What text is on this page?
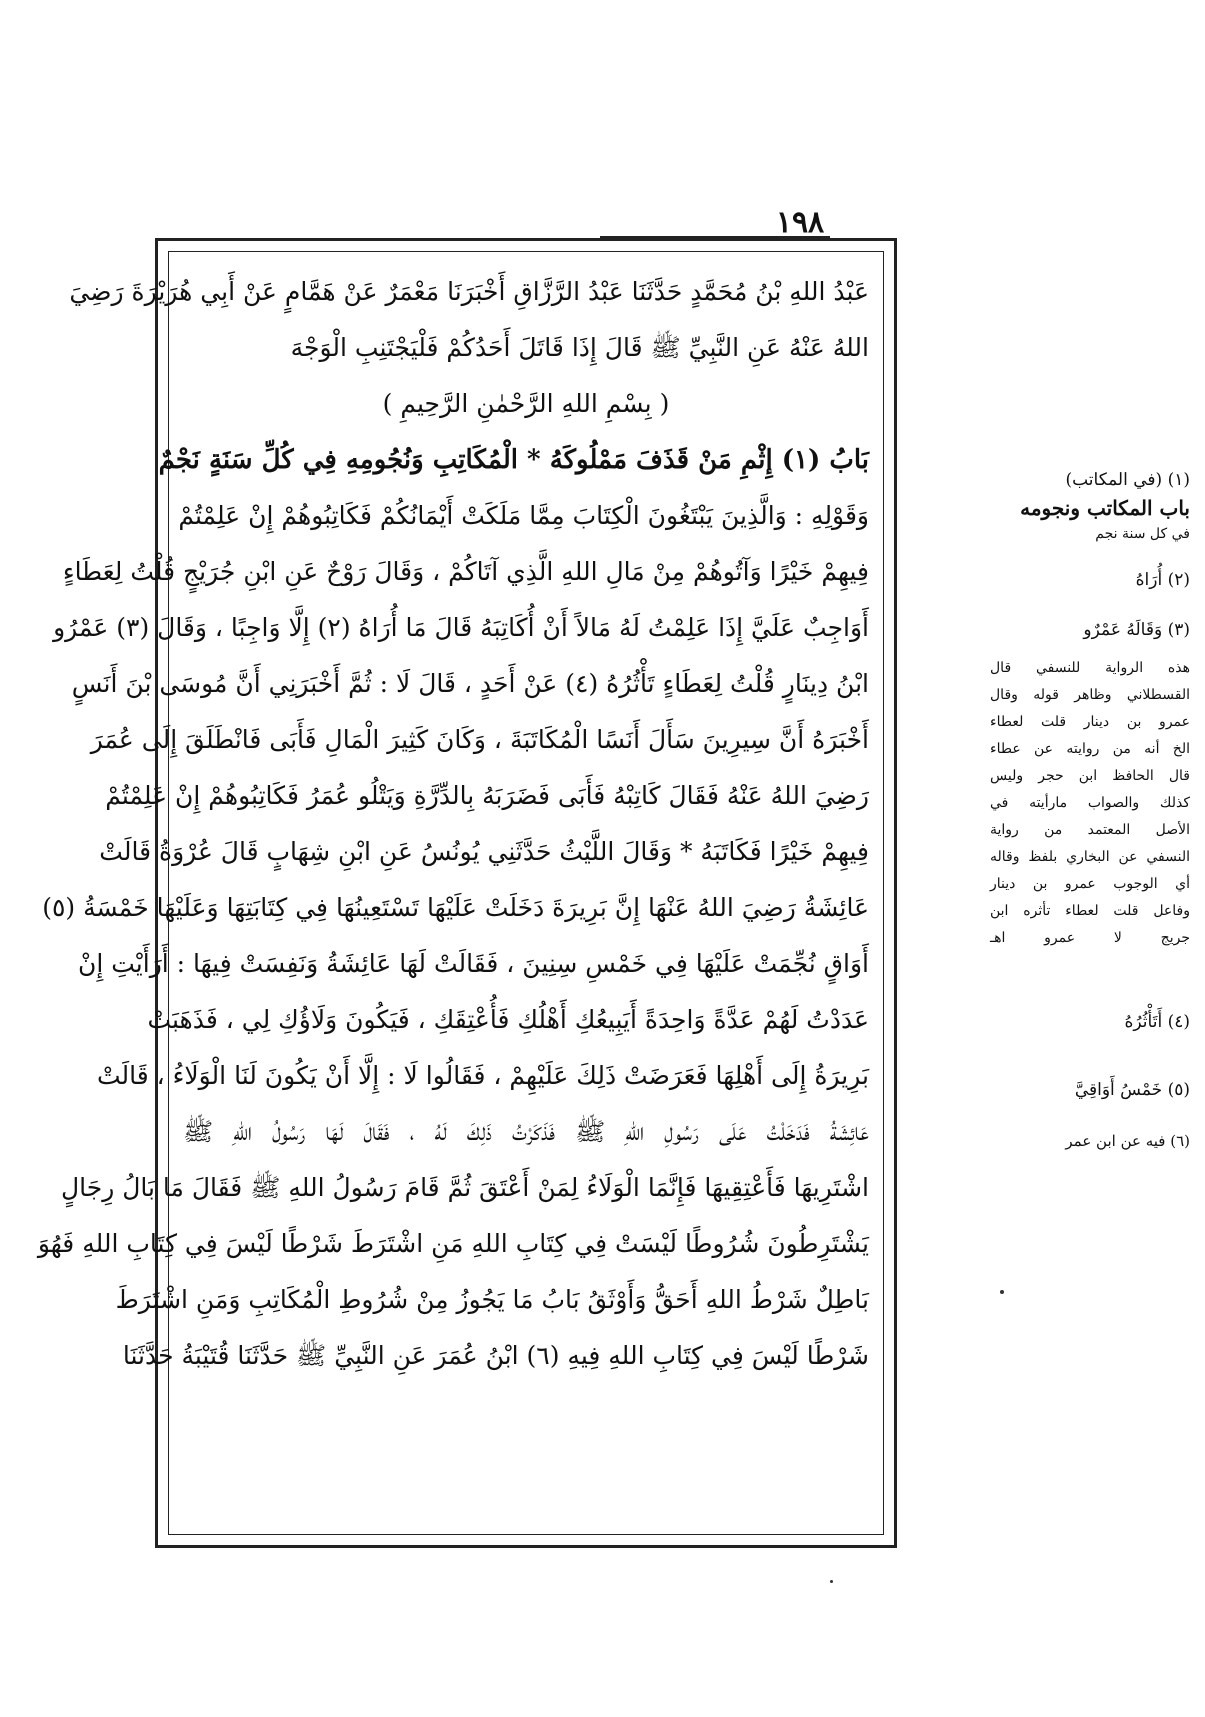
١٩٨
عَبْدُ اللهِ بْنُ مُحَمَّدٍ حَدَّثَنَا عَبْدُ الرَّزَّاقِ أَخْبَرَنَا مَعْمَرٌ عَنْ هَمَّامٍ عَنْ أَبِي هُرَيْرَةَ رَضِيَ
اللهُ عَنْهُ عَنِ النَّبِيِّ ﷺ قَالَ إِذَا قَاتَلَ أَحَدُكُمْ فَلْيَجْتَنِبِ الْوَجْهَ
( بِسْمِ اللهِ الرَّحْمٰنِ الرَّحِيمِ )
بَابُ (١) إِثْمِ مَنْ قَذَفَ مَمْلُوكَهُ * الْمُكَاتِبِ وَنُجُومِهِ فِي كُلِّ سَنَةٍ نَجْمٌ
وَقَوْلِهِ : وَالَّذِينَ يَبْتَغُونَ الْكِتَابَ مِمَّا مَلَكَتْ أَيْمَانُكُمْ فَكَاتِبُوهُمْ إِنْ عَلِمْتُمْ
فِيهِمْ خَيْرًا وَآتُوهُمْ مِنْ مَالِ اللهِ الَّذِي آتَاكُمْ ، وَقَالَ رَوْحٌ عَنِ ابْنِ جُرَيْجٍ قُلْتُ لِعَطَاءٍ
أَوَاجِبٌ عَلَيَّ إِذَا عَلِمْتُ لَهُ مَالاً أَنْ أُكَاتِبَهُ قَالَ مَا أُرَاهُ (٢) إِلَّا وَاجِبًا ، وَقَالَ (٣) عَمْرُو
ابْنُ دِينَارٍ قُلْتُ لِعَطَاءٍ تَأْثُرُهُ (٤) عَنْ أَحَدٍ ، قَالَ لَا : ثُمَّ أَخْبَرَنِي أَنَّ مُوسَى بْنَ أَنَسٍ
أَخْبَرَهُ أَنَّ سِيرِينَ سَأَلَ أَنَسًا الْمُكَاتَبَةَ ، وَكَانَ كَثِيرَ الْمَالِ فَأَبَى فَانْطَلَقَ إِلَى عُمَرَ
رَضِيَ اللهُ عَنْهُ فَقَالَ كَاتِبْهُ فَأَبَى فَضَرَبَهُ بِالدِّرَّةِ وَيَتْلُو عُمَرُ فَكَاتِبُوهُمْ إِنْ عَلِمْتُمْ
فِيهِمْ خَيْرًا فَكَاتَبَهُ * وَقَالَ اللَّيْثُ حَدَّثَنِي يُونُسُ عَنِ ابْنِ شِهَابٍ قَالَ عُرْوَةُ قَالَتْ
عَائِشَةُ رَضِيَ اللهُ عَنْهَا إِنَّ بَرِيرَةَ دَخَلَتْ عَلَيْهَا تَسْتَعِينُهَا فِي كِتَابَتِهَا وَعَلَيْهَا خَمْسَةُ (٥)
أَوَاقٍ نُجِّمَتْ عَلَيْهَا فِي خَمْسِ سِنِينَ ، فَقَالَتْ لَهَا عَائِشَةُ وَنَفِسَتْ فِيهَا : أَرَأَيْتِ إِنْ
عَدَدْتُ لَهُمْ عَدَّةً وَاحِدَةً أَيَبِيعُكِ أَهْلُكِ فَأُعْتِقَكِ ، فَيَكُونَ وَلَاؤُكِ لِي ، فَذَهَبَتْ
بَرِيرَةُ إِلَى أَهْلِهَا فَعَرَضَتْ ذَلِكَ عَلَيْهِمْ ، فَقَالُوا لَا : إِلَّا أَنْ يَكُونَ لَنَا الْوَلَاءُ ، قَالَتْ
عَائِشَةُ فَدَخَلْتُ عَلَى رَسُولِ اللهِ ﷺ فَذَكَرْتُ ذَلِكَ لَهُ ، فَقَالَ لَهَا رَسُولُ اللهِ ﷺ
اشْتَرِيهَا فَأَعْتِقِيهَا فَإِنَّمَا الْوَلَاءُ لِمَنْ أَعْتَقَ ثُمَّ قَامَ رَسُولُ اللهِ ﷺ فَقَالَ مَا بَالُ رِجَالٍ
يَشْتَرِطُونَ شُرُوطًا لَيْسَتْ فِي كِتَابِ اللهِ مَنِ اشْتَرَطَ شَرْطًا لَيْسَ فِي كِتَابِ اللهِ فَهُوَ
بَاطِلٌ شَرْطُ اللهِ أَحَقُّ وَأَوْثَقُ بَابُ مَا يَجُوزُ مِنْ شُرُوطِ الْمُكَاتِبِ وَمَنِ اشْتَرَطَ
شَرْطًا لَيْسَ فِي كِتَابِ اللهِ فِيهِ (٦) ابْنُ عُمَرَ عَنِ النَّبِيِّ ﷺ حَدَّثَنَا قُتَيْبَةُ حَدَّثَنَا
(١) (في المكاتب)
باب المكاتب ونجومه
في كل سنة نجم
(٢) أُرَاهُ
(٣) وَقَالَهُ عَمْرٌو
هذه الرواية للنسفي قال
القسطلاني وظاهر قوله وقال
عمرو بن دينار قلت لعطاء
الخ أنه من روايته عن عطاء
قال الحافظ ابن حجر وليس
كذلك والصواب مارأيته في
الأصل المعتمد من رواية
النسفي عن البخاري بلفظ وقاله
أي الوجوب عمرو بن دينار
وفاعل قلت لعطاء تأثره ابن
جريج لا عمرو اهـ
(٤) أَتَأْثُرُهُ
(٥) خَمْسُ أَوَاقِيَّ
(٦) فيه عن ابن عمر
